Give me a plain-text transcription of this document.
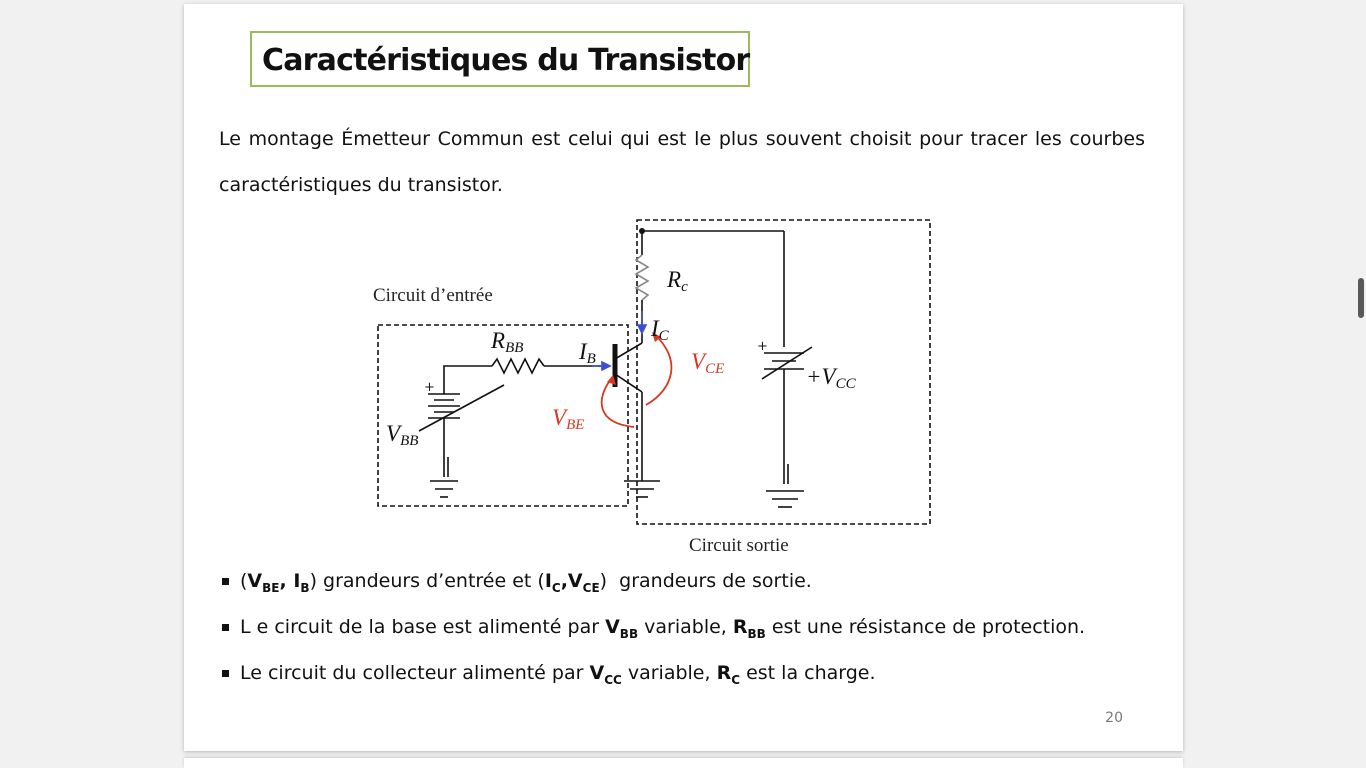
Caractéristiques du Transistor
Le montage Émetteur Commun est celui qui est le plus souvent choisit pour tracer les courbes caractéristiques du transistor.
+
+
Circuit d’entrée
Circuit sortie
RBB
Rc
IB
IC
VBB
VBE
VCE	+VCC
($V_{BE}$, $I_B$) grandeurs d’entrée et $(I_C,V_{CE})$  grandeurs de sortie.
L e circuit de la base est alimenté par $V_{BB}$ variable, $R_{BB}$ est une résistance de protection.
Le circuit du collecteur alimenté par $V_{CC}$ variable, $R_C$ est la charge.
20
